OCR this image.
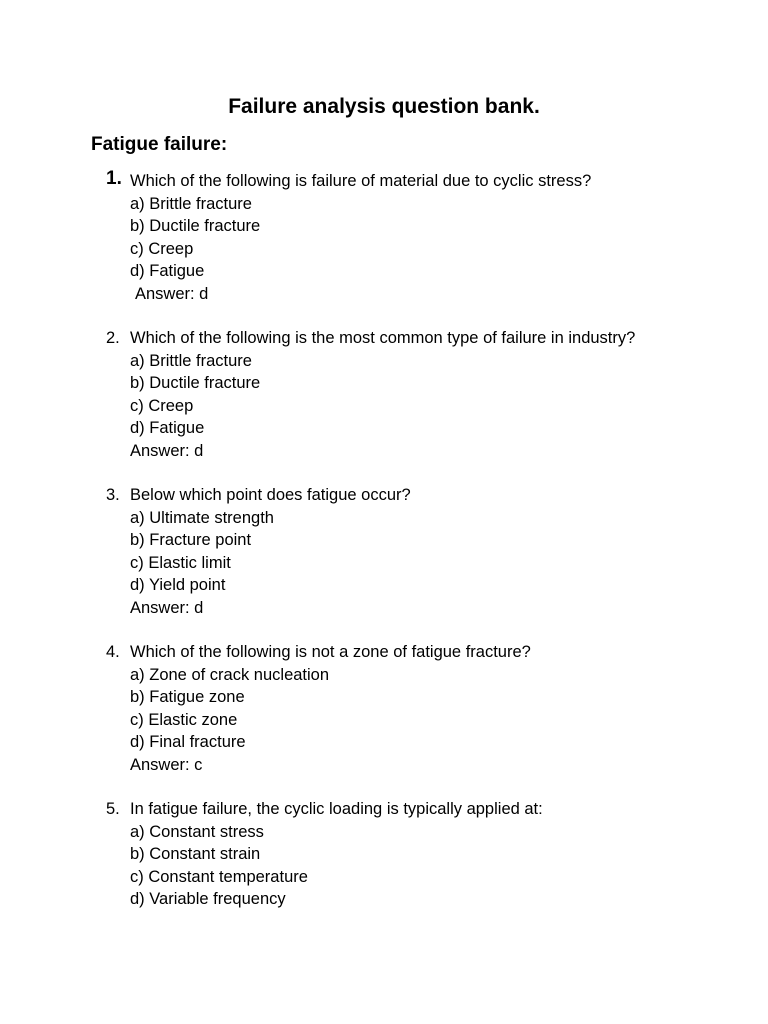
Failure analysis question bank.
Fatigue failure:
1. Which of the following is failure of material due to cyclic stress?
a) Brittle fracture
b) Ductile fracture
c) Creep
d) Fatigue
Answer: d
2. Which of the following is the most common type of failure in industry?
a) Brittle fracture
b) Ductile fracture
c) Creep
d) Fatigue
Answer: d
3. Below which point does fatigue occur?
a) Ultimate strength
b) Fracture point
c) Elastic limit
d) Yield point
Answer: d
4. Which of the following is not a zone of fatigue fracture?
a) Zone of crack nucleation
b) Fatigue zone
c) Elastic zone
d) Final fracture
Answer: c
5. In fatigue failure, the cyclic loading is typically applied at:
a) Constant stress
b) Constant strain
c) Constant temperature
d) Variable frequency
